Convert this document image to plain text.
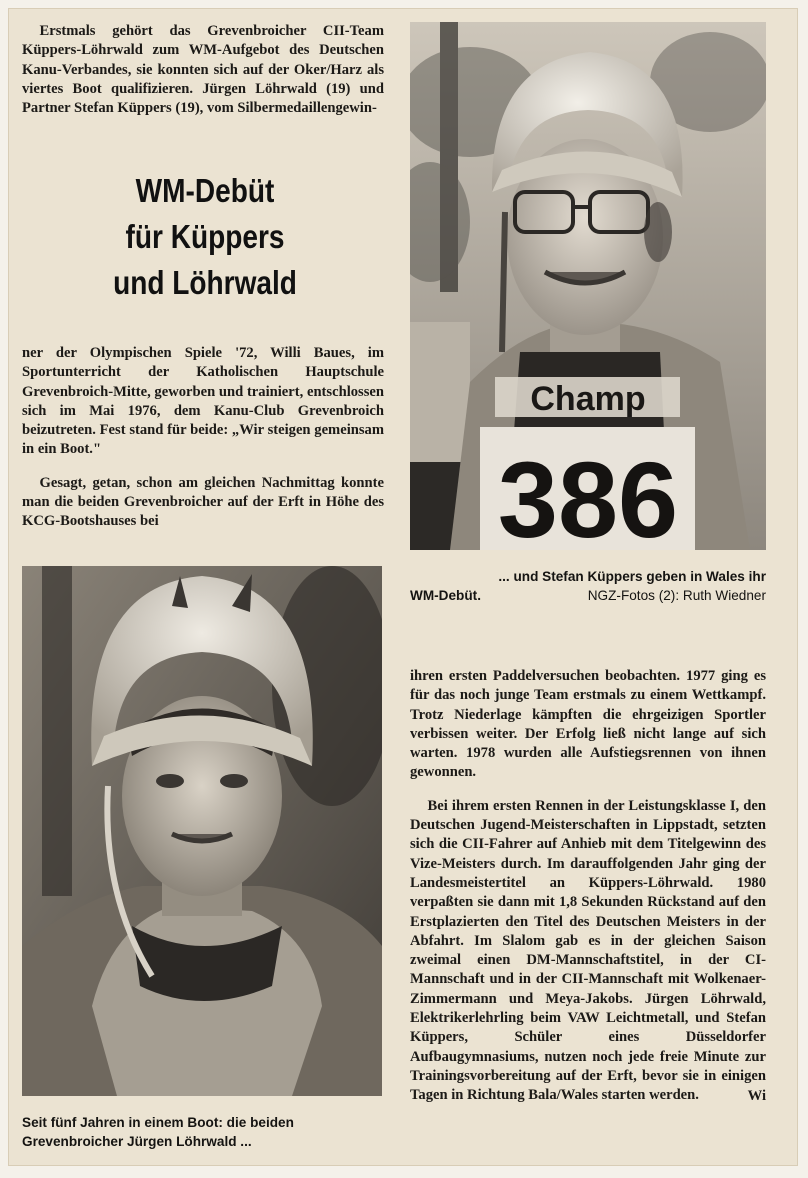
Erstmals gehört das Grevenbroicher CII-Team Küppers-Löhrwald zum WM-Aufgebot des Deutschen Kanu-Verbandes, sie konnten sich auf der Oker/Harz als viertes Boot qualifizieren. Jürgen Löhrwald (19) und Partner Stefan Küppers (19), vom Silbermedaillengewin-

WM-Debüt
für Küppers
und Löhrwald

ner der Olympischen Spiele '72, Willi Baues, im Sportunterricht der Katholischen Hauptschule Grevenbroich-Mitte, geworben und trainiert, entschlossen sich im Mai 1976, dem Kanu-Club Grevenbroich beizutreten. Fest stand für beide: „Wir steigen gemeinsam in ein Boot."

Gesagt, getan, schon am gleichen Nachmittag konnte man die beiden Grevenbroicher auf der Erft in Höhe des KCG-Bootshauses bei

Champ
386
... und Stefan Küppers geben in Wales ihr
WM-Debüt.	NGZ-Fotos (2): Ruth Wiedner
Seit fünf Jahren in einem Boot: die beiden
Grevenbroicher Jürgen Löhrwald ...

ihren ersten Paddelversuchen beobachten. 1977 ging es für das noch junge Team erstmals zu einem Wettkampf. Trotz Niederlage kämpften die ehrgeizigen Sportler verbissen weiter. Der Erfolg ließ nicht lange auf sich warten. 1978 wurden alle Aufstiegsrennen von ihnen gewonnen.

Bei ihrem ersten Rennen in der Leistungsklasse I, den Deutschen Jugend-Meisterschaften in Lippstadt, setzten sich die CII-Fahrer auf Anhieb mit dem Titelgewinn des Vize-Meisters durch. Im darauffolgenden Jahr ging der Landesmeistertitel an Küppers-Löhrwald. 1980 verpaßten sie dann mit 1,8 Sekunden Rückstand auf den Erstplazierten den Titel des Deutschen Meisters in der Abfahrt. Im Slalom gab es in der gleichen Saison zweimal einen DM-Mannschaftstitel, in der CI-Mannschaft und in der CII-Mannschaft mit Wolkenaer-Zimmermann und Meya-Jakobs. Jürgen Löhrwald, Elektrikerlehrling beim VAW Leichtmetall, und Stefan Küppers, Schüler eines Düsseldorfer Aufbaugymnasiums, nutzen noch jede freie Minute zur Trainingsvorbereitung auf der Erft, bevor sie in einigen Tagen in Richtung Bala/Wales starten werden.	Wi
